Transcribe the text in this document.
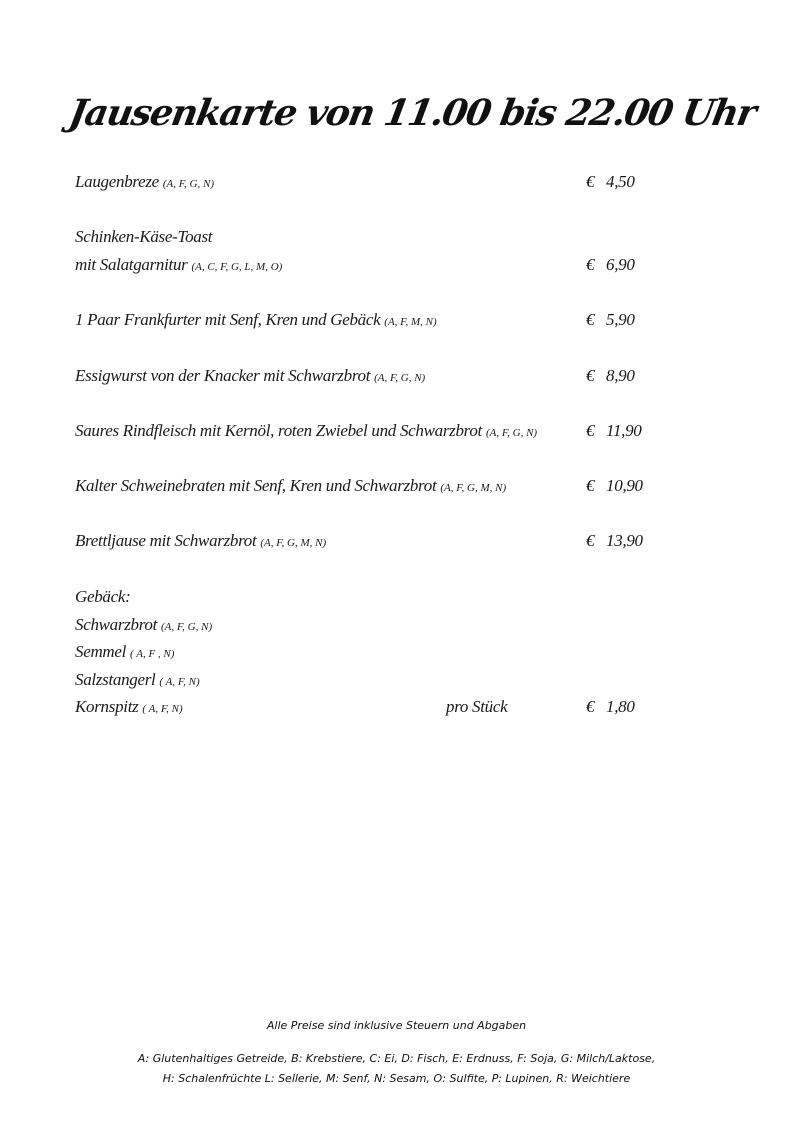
Jausenkarte von 11.00 bis 22.00 Uhr
Laugenbreze (A, F, G, N)	€ 4,50
Schinken-Käse-Toast
mit Salatgarnitur (A, C, F, G, L, M, O)	€ 6,90
1 Paar Frankfurter mit Senf, Kren und Gebäck (A, F, M, N)	€ 5,90
Essigwurst von der Knacker mit Schwarzbrot (A, F, G, N)	€ 8,90
Saures Rindfleisch mit Kernöl, roten Zwiebel und Schwarzbrot (A, F, G, N)	€ 11,90
Kalter Schweinebraten mit Senf, Kren und Schwarzbrot (A, F, G, M, N)	€ 10,90
Brettljause mit Schwarzbrot (A, F, G, M, N)	€ 13,90
Gebäck:
Schwarzbrot (A, F, G, N)
Semmel ( A, F , N)
Salzstangerl ( A, F, N)
Kornspitz ( A, F, N)	pro Stück	€ 1,80
Alle Preise sind inklusive Steuern und Abgaben
A: Glutenhaltiges Getreide, B: Krebstiere, C: Ei, D: Fisch, E: Erdnuss, F: Soja, G: Milch/Laktose,
H: Schalenfrüchte L: Sellerie, M: Senf, N: Sesam, O: Sulfite, P: Lupinen, R: Weichtiere
